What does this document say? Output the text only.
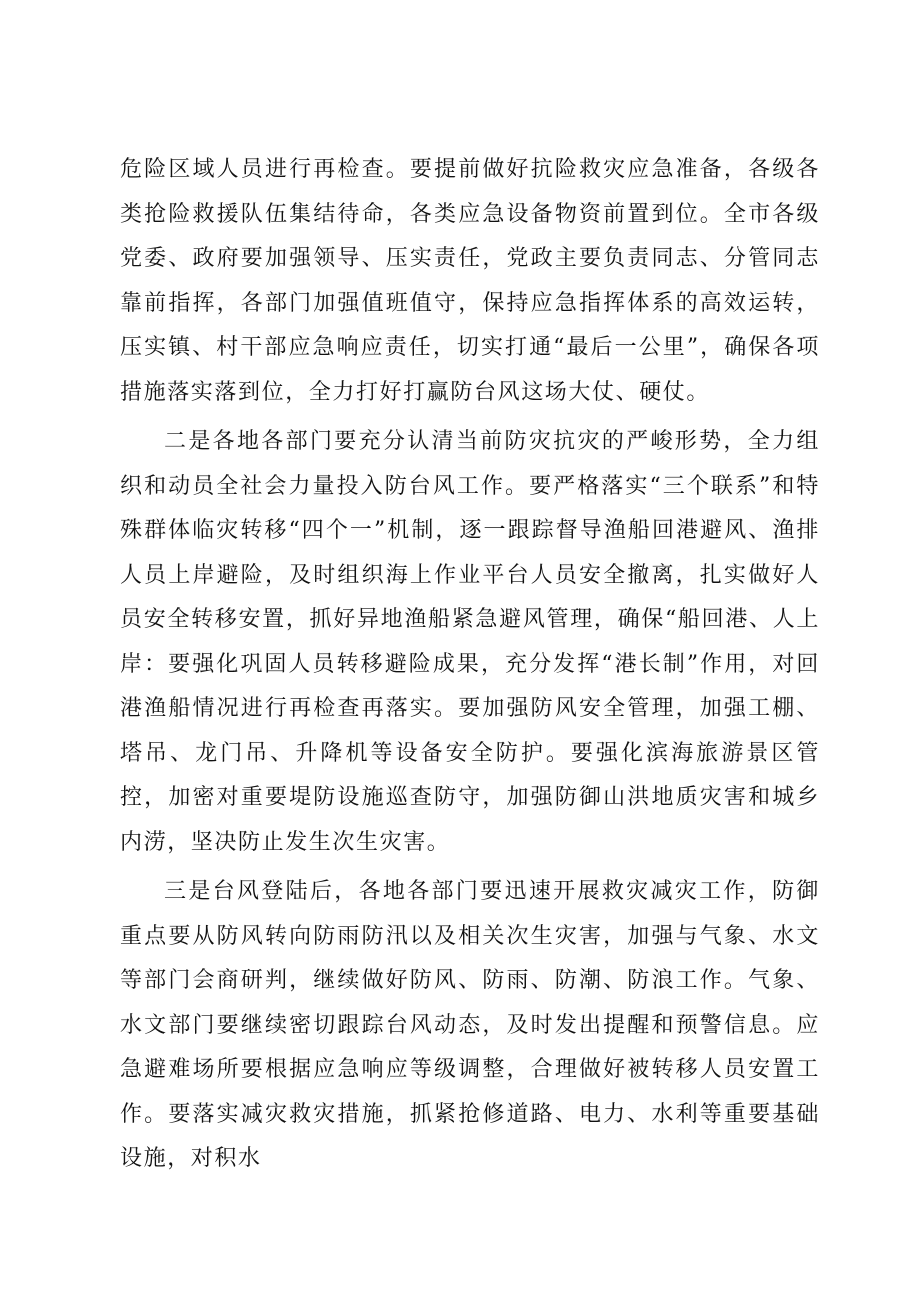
危险区域人员进行再检查。要提前做好抗险救灾应急准备，各级各类抢险救援队伍集结待命，各类应急设备物资前置到位。全市各级党委、政府要加强领导、压实责任，党政主要负责同志、分管同志靠前指挥，各部门加强值班值守，保持应急指挥体系的高效运转，压实镇、村干部应急响应责任，切实打通“最后一公里”，确保各项措施落实落到位，全力打好打赢防台风这场大仗、硬仗。

二是各地各部门要充分认清当前防灾抗灾的严峻形势，全力组织和动员全社会力量投入防台风工作。要严格落实“三个联系”和特殊群体临灾转移“四个一”机制，逐一跟踪督导渔船回港避风、渔排人员上岸避险，及时组织海上作业平台人员安全撤离，扎实做好人员安全转移安置，抓好异地渔船紧急避风管理，确保“船回港、人上岸：要强化巩固人员转移避险成果，充分发挥“港长制”作用，对回港渔船情况进行再检查再落实。要加强防风安全管理，加强工棚、塔吊、龙门吊、升降机等设备安全防护。要强化滨海旅游景区管控，加密对重要堤防设施巡查防守，加强防御山洪地质灾害和城乡内涝，坚决防止发生次生灾害。

三是台风登陆后，各地各部门要迅速开展救灾减灾工作，防御重点要从防风转向防雨防汛以及相关次生灾害，加强与气象、水文等部门会商研判，继续做好防风、防雨、防潮、防浪工作。气象、水文部门要继续密切跟踪台风动态，及时发出提醒和预警信息。应急避难场所要根据应急响应等级调整，合理做好被转移人员安置工作。要落实减灾救灾措施，抓紧抢修道路、电力、水利等重要基础设施，对积水
